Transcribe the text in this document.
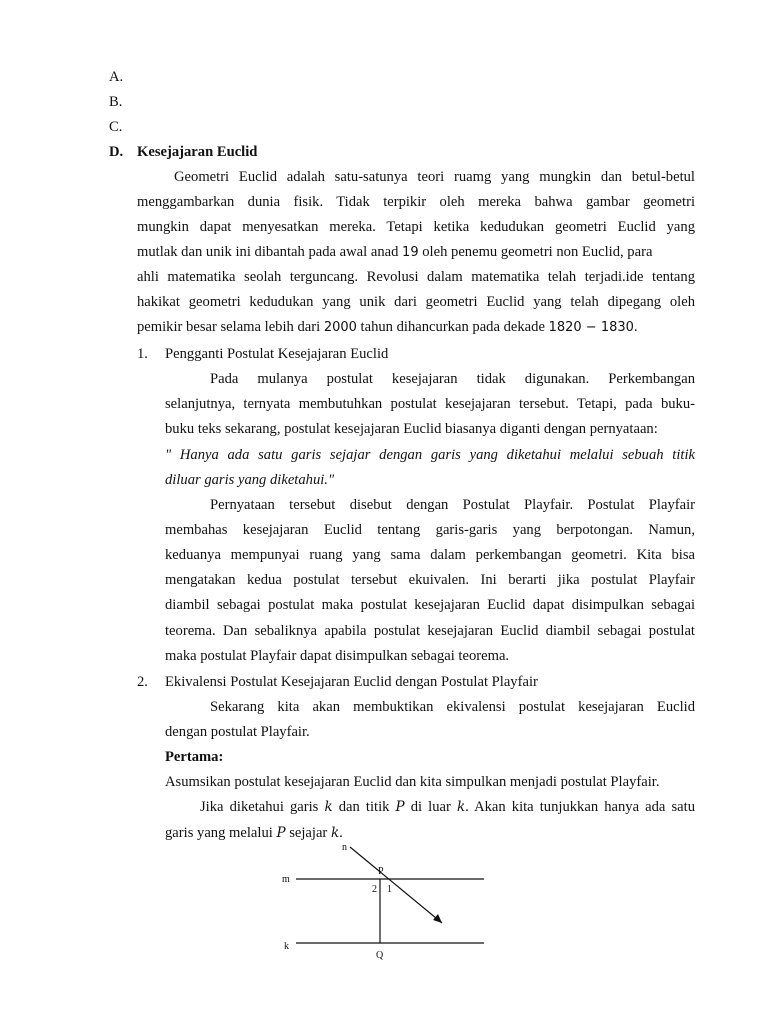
A.
B.
C.
D. Kesejajaran Euclid
Geometri Euclid adalah satu-satunya teori ruamg yang mungkin dan betul-betul
menggambarkan dunia fisik. Tidak terpikir oleh mereka bahwa gambar geometri
mungkin dapat menyesatkan mereka. Tetapi ketika kedudukan geometri Euclid yang
mutlak dan unik ini dibantah pada awal anad 19 oleh penemu geometri non Euclid, para
ahli matematika seolah terguncang. Revolusi dalam matematika telah terjadi.ide tentang
hakikat geometri kedudukan yang unik dari geometri Euclid yang telah dipegang oleh
pemikir besar selama lebih dari 2000 tahun dihancurkan pada dekade 1820 − 1830.
1. Pengganti Postulat Kesejajaran Euclid
Pada mulanya postulat kesejajaran tidak digunakan. Perkembangan
selanjutnya, ternyata membutuhkan postulat kesejajaran tersebut. Tetapi, pada buku-
buku teks sekarang, postulat kesejajaran Euclid biasanya diganti dengan pernyataan:
" Hanya ada satu garis sejajar dengan garis yang diketahui melalui sebuah titik
diluar garis yang diketahui."
Pernyataan tersebut disebut dengan Postulat Playfair. Postulat Playfair
membahas kesejajaran Euclid tentang garis-garis yang berpotongan. Namun,
keduanya mempunyai ruang yang sama dalam perkembangan geometri. Kita bisa
mengatakan kedua postulat tersebut ekuivalen. Ini berarti jika postulat Playfair
diambil sebagai postulat maka postulat kesejajaran Euclid dapat disimpulkan sebagai
teorema. Dan sebaliknya apabila postulat kesejajaran Euclid diambil sebagai postulat
maka postulat Playfair dapat disimpulkan sebagai teorema.
2. Ekivalensi Postulat Kesejajaran Euclid dengan Postulat Playfair
Sekarang kita akan membuktikan ekivalensi postulat kesejajaran Euclid
dengan postulat Playfair.
Pertama:
Asumsikan postulat kesejajaran Euclid dan kita simpulkan menjadi postulat Playfair.
Jika diketahui garis k dan titik P di luar k. Akan kita tunjukkan hanya ada satu
garis yang melalui P sejajar k.
n
P
m
2 1
k
Q
